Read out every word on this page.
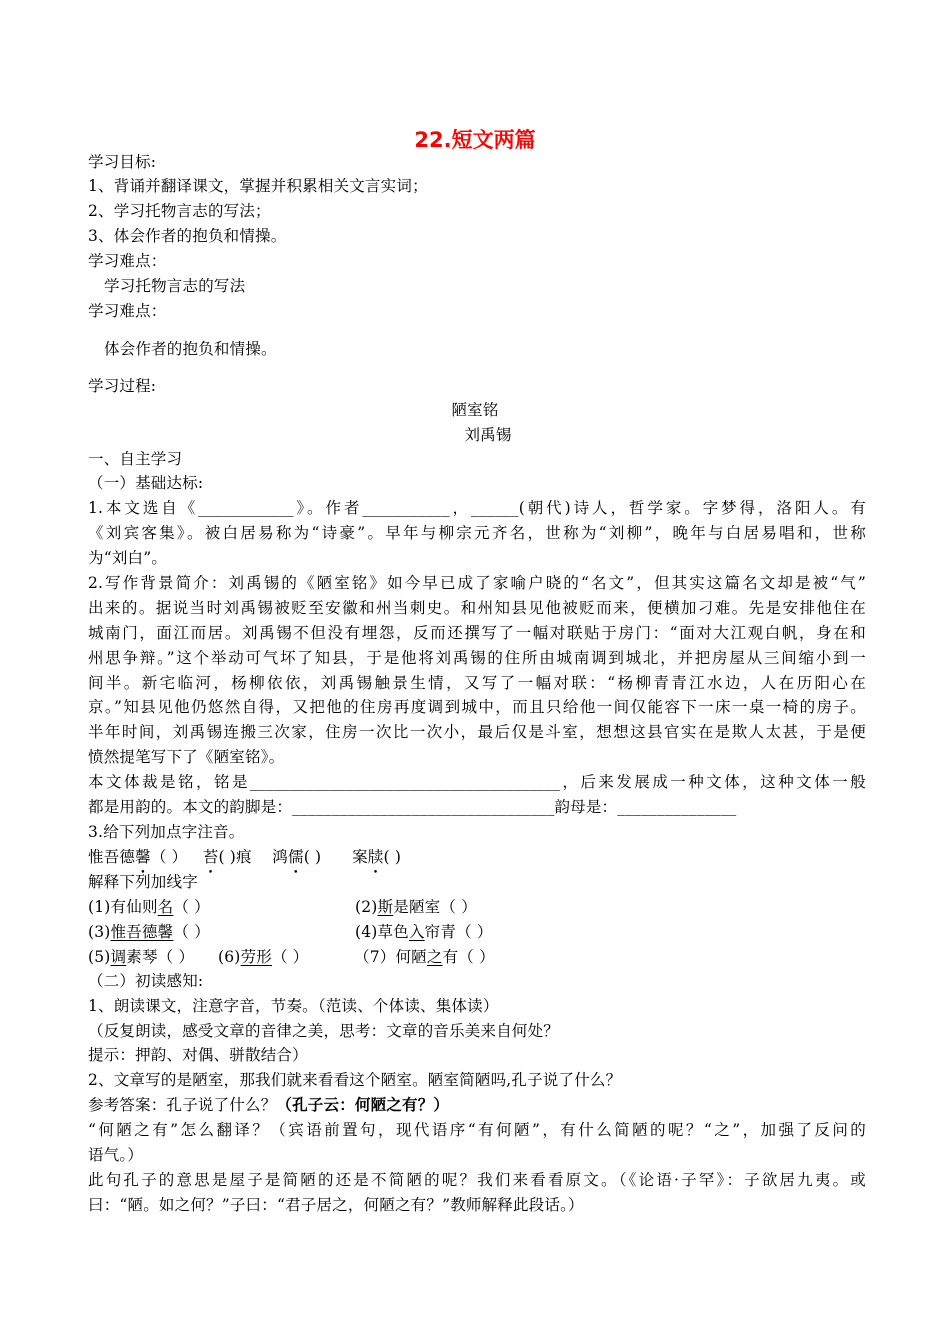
22.短文两篇
学习目标:
1、背诵并翻译课文，掌握并积累相关文言实词；
2、学习托物言志的写法；
3、体会作者的抱负和情操。
学习难点：
学习托物言志的写法
学习难点：
体会作者的抱负和情操。
学习过程:
陋室铭
刘禹锡
一、自主学习
（一）基础达标:
1.本文选自《____________》。作者___________，______(朝代)诗人，哲学家。字梦得，洛阳人。有
《刘宾客集》。被白居易称为“诗豪”。早年与柳宗元齐名，世称为“刘柳”，晚年与白居易唱和，世称
为“刘白”。
2.写作背景简介：刘禹锡的《陋室铭》如今早已成了家喻户晓的“名文”，但其实这篇名文却是被“气”
出来的。据说当时刘禹锡被贬至安徽和州当刺史。和州知县见他被贬而来，便横加刁难。先是安排他住在
城南门，面江而居。刘禹锡不但没有埋怨，反而还撰写了一幅对联贴于房门：“面对大江观白帆，身在和
州思争辩。”这个举动可气坏了知县，于是他将刘禹锡的住所由城南调到城北，并把房屋从三间缩小到一
间半。新宅临河，杨柳依依，刘禹锡触景生情，又写了一幅对联：“杨柳青青江水边，人在历阳心在
京。”知县见他仍悠然自得，又把他的住房再度调到城中，而且只给他一间仅能容下一床一桌一椅的房子。
半年时间，刘禹锡连搬三次家，住房一次比一次小，最后仅是斗室，想想这县官实在是欺人太甚，于是便
愤然提笔写下了《陋室铭》。
本文体裁是铭，铭是_______________________________________，后来发展成一种文体，这种文体一般
都是用韵的。本文的韵脚是：_________________________________韵母是：_______________
3.给下列加点字注音。
惟吾德馨（ ） 苔( )痕 鸿儒( ) 案牍( )
解释下列加线字
(1)有仙则名（ ）	(2)斯是陋室（ ）
(3)惟吾德馨（ ）	(4)草色入帘青（ ）
(5)调素琴（ ） (6)劳形（ ）	（7）何陋之有（ ）
（二）初读感知:
1、朗读课文，注意字音，节奏。（范读、个体读、集体读）
（反复朗读，感受文章的音律之美，思考：文章的音乐美来自何处？
提示：押韵、对偶、骈散结合）
2、文章写的是陋室，那我们就来看看这个陋室。陋室简陋吗,孔子说了什么？
参考答案：孔子说了什么？（孔子云：何陋之有？）
“何陋之有”怎么翻译？（宾语前置句，现代语序“有何陋”，有什么简陋的呢？“之”，加强了反问的
语气。）
此句孔子的意思是屋子是简陋的还是不简陋的呢？我们来看看原文。（《论语·子罕》：子欲居九夷。或
曰：“陋。如之何？”子曰：“君子居之，何陋之有？”教师解释此段话。）
